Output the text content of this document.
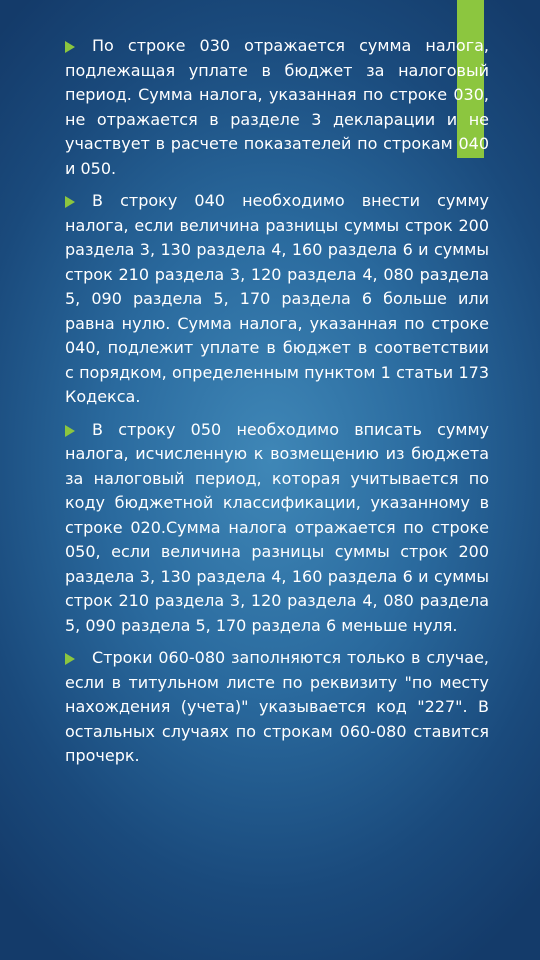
По строке 030 отражается сумма налога, подлежащая уплате в бюджет за налоговый период. Сумма налога, указанная по строке 030, не отражается в разделе 3 декларации и не участвует в расчете показателей по строкам 040 и 050.
В строку 040 необходимо внести сумму налога, если величина разницы суммы строк 200 раздела 3, 130 раздела 4, 160 раздела 6 и суммы строк 210 раздела 3, 120 раздела 4, 080 раздела 5, 090 раздела 5, 170 раздела 6 больше или равна нулю. Сумма налога, указанная по строке 040, подлежит уплате в бюджет в соответствии с порядком, определенным пунктом 1 статьи 173 Кодекса.
В строку 050 необходимо вписать сумму налога, исчисленную к возмещению из бюджета за налоговый период, которая учитывается по коду бюджетной классификации, указанному в строке 020.Сумма налога отражается по строке 050, если величина разницы суммы строк 200 раздела 3, 130 раздела 4, 160 раздела 6 и суммы строк 210 раздела 3, 120 раздела 4, 080 раздела 5, 090 раздела 5, 170 раздела 6 меньше нуля.
Строки 060-080 заполняются только в случае, если в титульном листе по реквизиту "по месту нахождения (учета)" указывается код "227". В остальных случаях по строкам 060-080 ставится прочерк.
